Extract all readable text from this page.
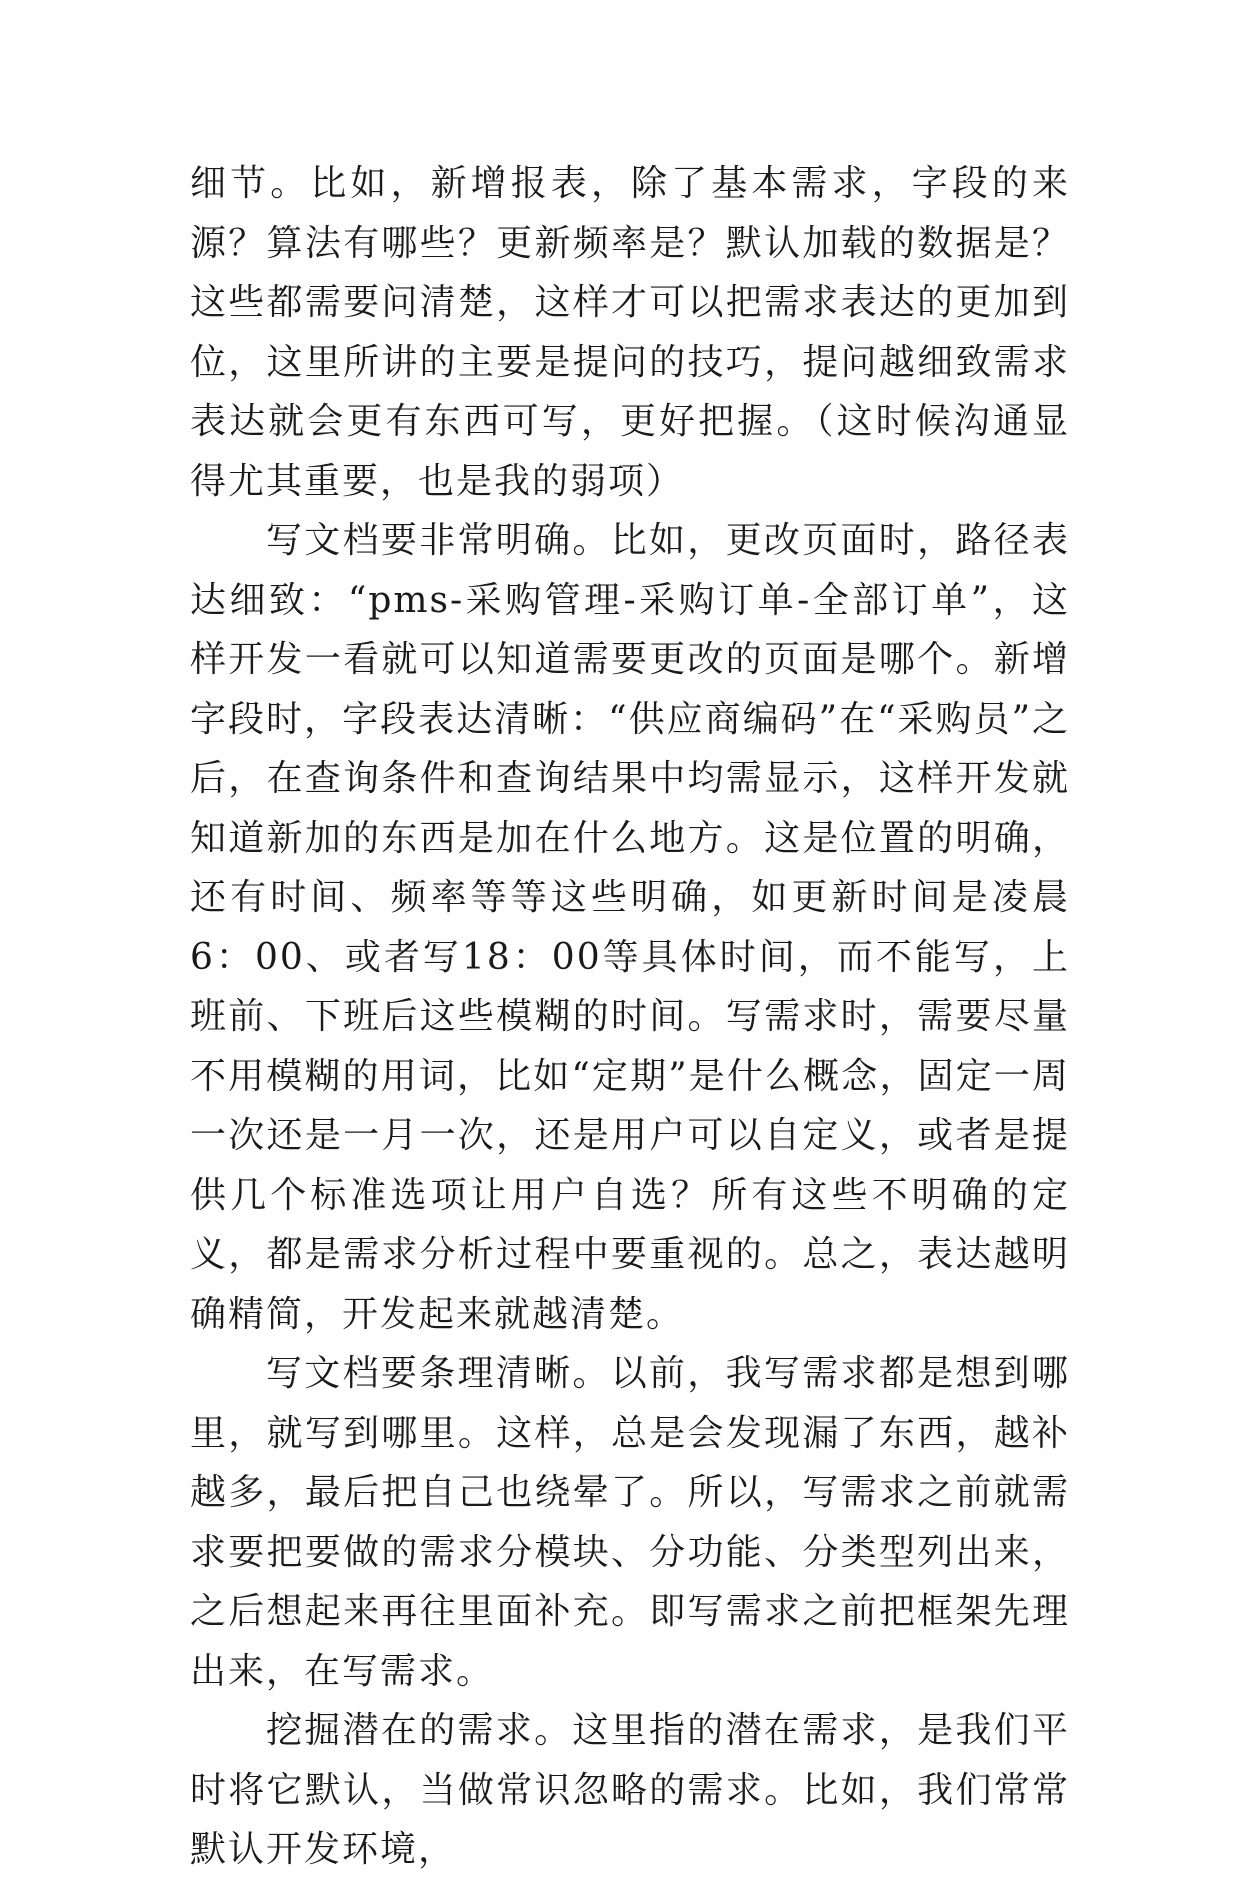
细节。比如，新增报表，除了基本需求，字段的来源？算法有哪些？更新频率是？默认加载的数据是？这些都需要问清楚，这样才可以把需求表达的更加到位，这里所讲的主要是提问的技巧，提问越细致需求表达就会更有东西可写，更好把握。（这时候沟通显得尤其重要，也是我的弱项）

写文档要非常明确。比如，更改页面时，路径表达细致：“pms-采购管理-采购订单-全部订单”，这样开发一看就可以知道需要更改的页面是哪个。新增字段时，字段表达清晰：“供应商编码”在“采购员”之后，在查询条件和查询结果中均需显示，这样开发就知道新加的东西是加在什么地方。这是位置的明确，还有时间、频率等等这些明确，如更新时间是凌晨6：00、或者写18：00等具体时间，而不能写，上班前、下班后这些模糊的时间。写需求时，需要尽量不用模糊的用词，比如“定期”是什么概念，固定一周一次还是一月一次，还是用户可以自定义，或者是提供几个标准选项让用户自选？所有这些不明确的定义，都是需求分析过程中要重视的。总之，表达越明确精简，开发起来就越清楚。

写文档要条理清晰。以前，我写需求都是想到哪里，就写到哪里。这样，总是会发现漏了东西，越补越多，最后把自己也绕晕了。所以，写需求之前就需求要把要做的需求分模块、分功能、分类型列出来，之后想起来再往里面补充。即写需求之前把框架先理出来，在写需求。

挖掘潜在的需求。这里指的潜在需求，是我们平时将它默认，当做常识忽略的需求。比如，我们常常默认开发环境，
